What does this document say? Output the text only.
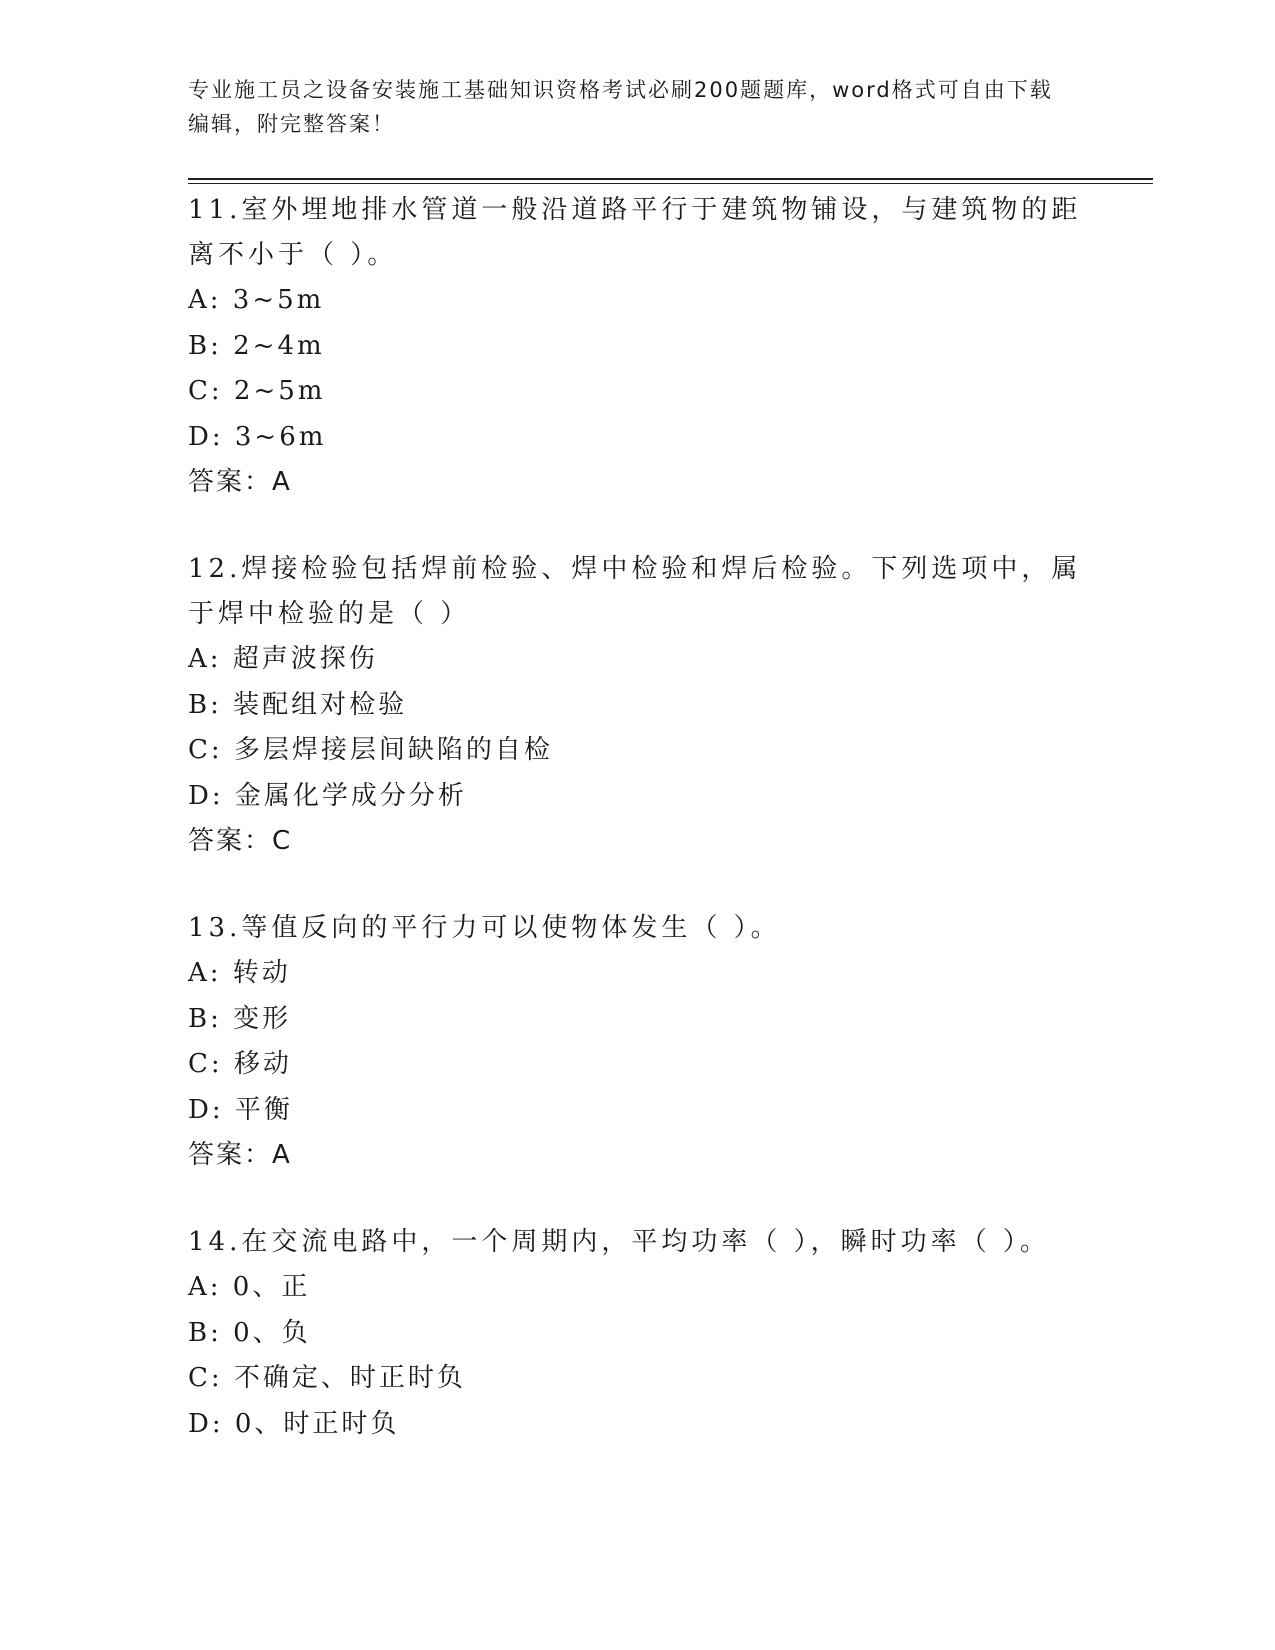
专业施工员之设备安装施工基础知识资格考试必刷200题题库，word格式可自由下载编辑，附完整答案！
11.室外埋地排水管道一般沿道路平行于建筑物铺设，与建筑物的距离不小于（ ）。
A: 3~5m
B: 2~4m
C: 2~5m
D: 3~6m
答案：A
12.焊接检验包括焊前检验、焊中检验和焊后检验。下列选项中，属于焊中检验的是（ ）
A: 超声波探伤
B: 装配组对检验
C: 多层焊接层间缺陷的自检
D: 金属化学成分分析
答案：C
13.等值反向的平行力可以使物体发生（ ）。
A: 转动
B: 变形
C: 移动
D: 平衡
答案：A
14.在交流电路中，一个周期内，平均功率（ ），瞬时功率（ ）。
A: 0、正
B: 0、负
C: 不确定、时正时负
D: 0、时正时负
